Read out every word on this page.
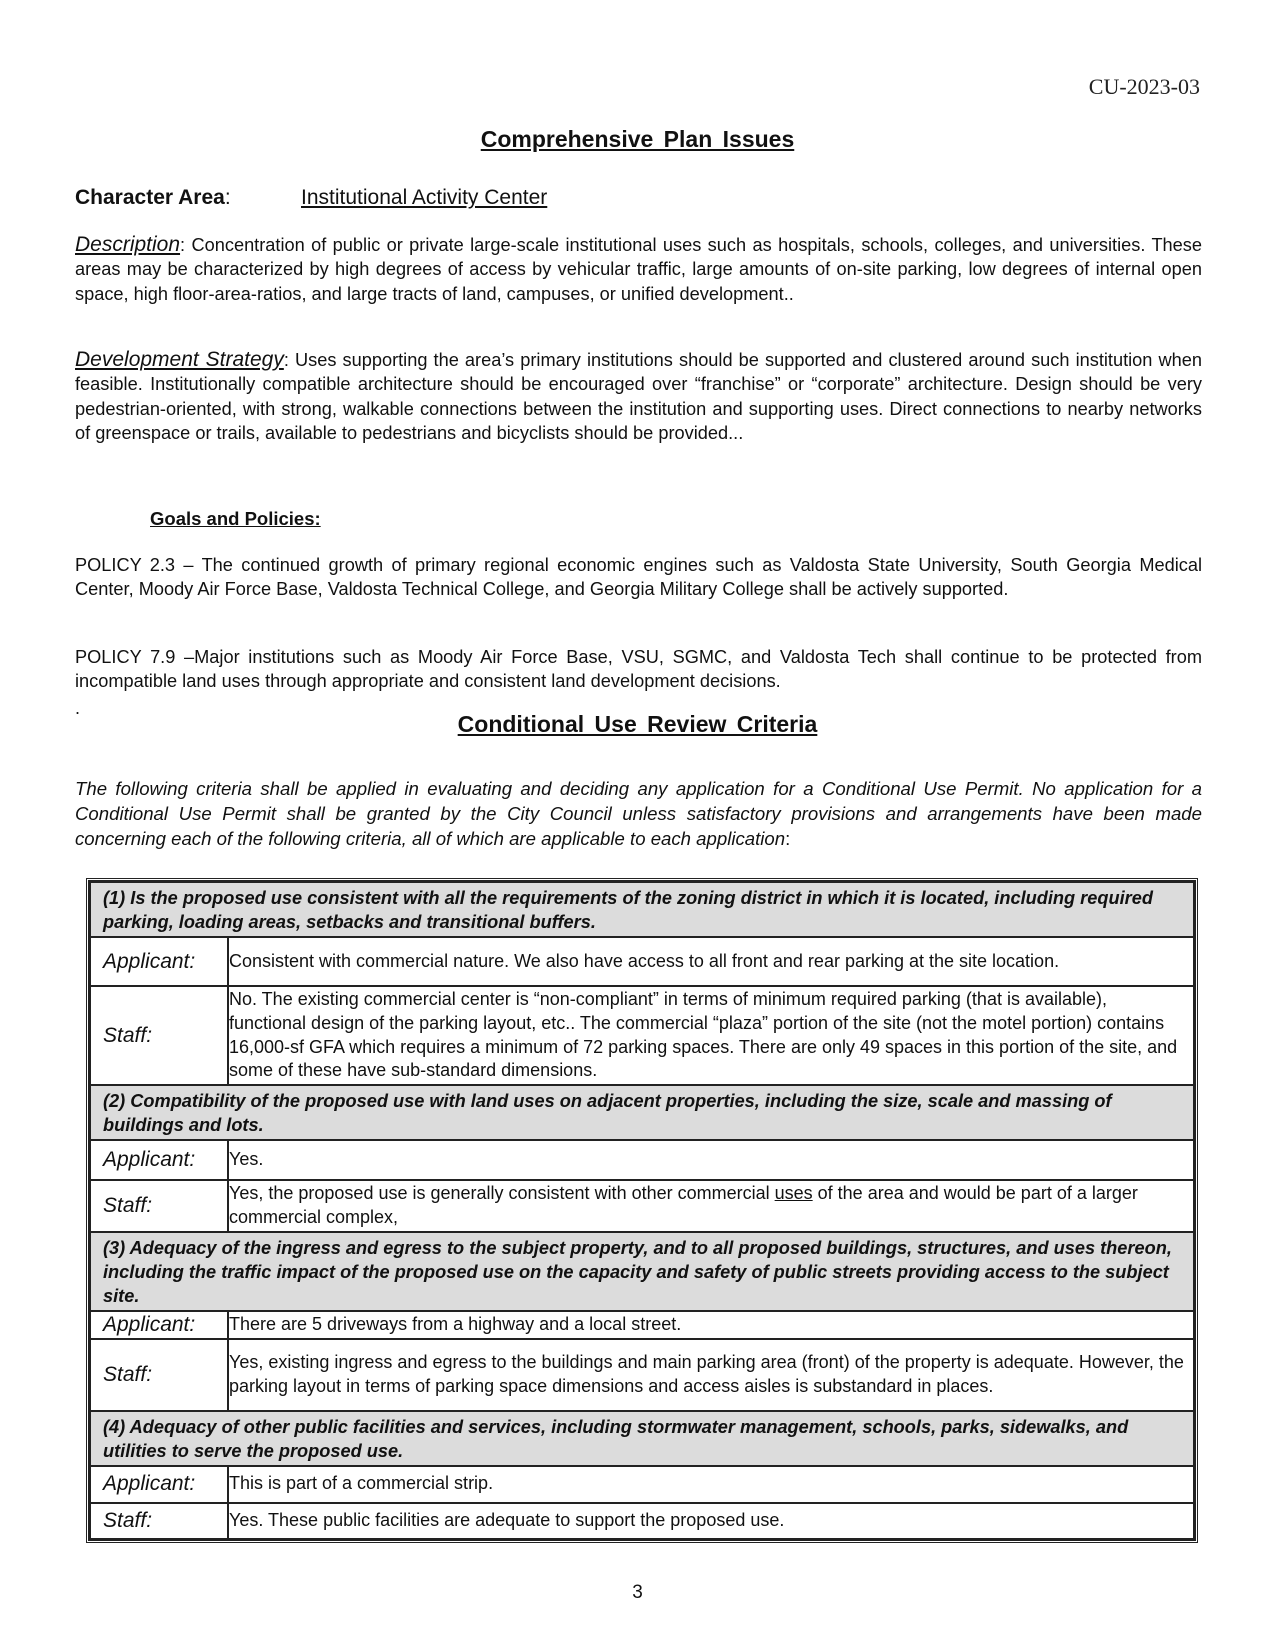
CU-2023-03
Comprehensive Plan Issues
Character Area:	Institutional Activity Center
Description: Concentration of public or private large-scale institutional uses such as hospitals, schools, colleges, and universities. These areas may be characterized by high degrees of access by vehicular traffic, large amounts of on-site parking, low degrees of internal open space, high floor-area-ratios, and large tracts of land, campuses, or unified development..
Development Strategy: Uses supporting the area’s primary institutions should be supported and clustered around such institution when feasible. Institutionally compatible architecture should be encouraged over “franchise” or “corporate” architecture. Design should be very pedestrian-oriented, with strong, walkable connections between the institution and supporting uses. Direct connections to nearby networks of greenspace or trails, available to pedestrians and bicyclists should be provided...
Goals and Policies:
POLICY 2.3 – The continued growth of primary regional economic engines such as Valdosta State University, South Georgia Medical Center, Moody Air Force Base, Valdosta Technical College, and Georgia Military College shall be actively supported.
POLICY 7.9 –Major institutions such as Moody Air Force Base, VSU, SGMC, and Valdosta Tech shall continue to be protected from incompatible land uses through appropriate and consistent land development decisions.
.
Conditional Use Review Criteria
The following criteria shall be applied in evaluating and deciding any application for a Conditional Use Permit. No application for a Conditional Use Permit shall be granted by the City Council unless satisfactory provisions and arrangements have been made concerning each of the following criteria, all of which are applicable to each application:
(1) Is the proposed use consistent with all the requirements of the zoning district in which it is located, including required parking, loading areas, setbacks and transitional buffers.	
Applicant:	Consistent with commercial nature. We also have access to all front and rear parking at the site location.
Staff:	No. The existing commercial center is “non-compliant” in terms of minimum required parking (that is available), functional design of the parking layout, etc.. The commercial “plaza” portion of the site (not the motel portion) contains 16,000-sf GFA which requires a minimum of 72 parking spaces. There are only 49 spaces in this portion of the site, and some of these have sub-standard dimensions.
(2) Compatibility of the proposed use with land uses on adjacent properties, including the size, scale and massing of buildings and lots.	
Applicant:	Yes.
Staff:	Yes, the proposed use is generally consistent with other commercial uses of the area and would be part of a larger commercial complex,
(3) Adequacy of the ingress and egress to the subject property, and to all proposed buildings, structures, and uses thereon, including the traffic impact of the proposed use on the capacity and safety of public streets providing access to the subject site.	
Applicant:	There are 5 driveways from a highway and a local street.
Staff:	Yes, existing ingress and egress to the buildings and main parking area (front) of the property is adequate. However, the parking layout in terms of parking space dimensions and access aisles is substandard in places.
(4) Adequacy of other public facilities and services, including stormwater management, schools, parks, sidewalks, and utilities to serve the proposed use.	
Applicant:	This is part of a commercial strip.
Staff:	Yes. These public facilities are adequate to support the proposed use.
3
